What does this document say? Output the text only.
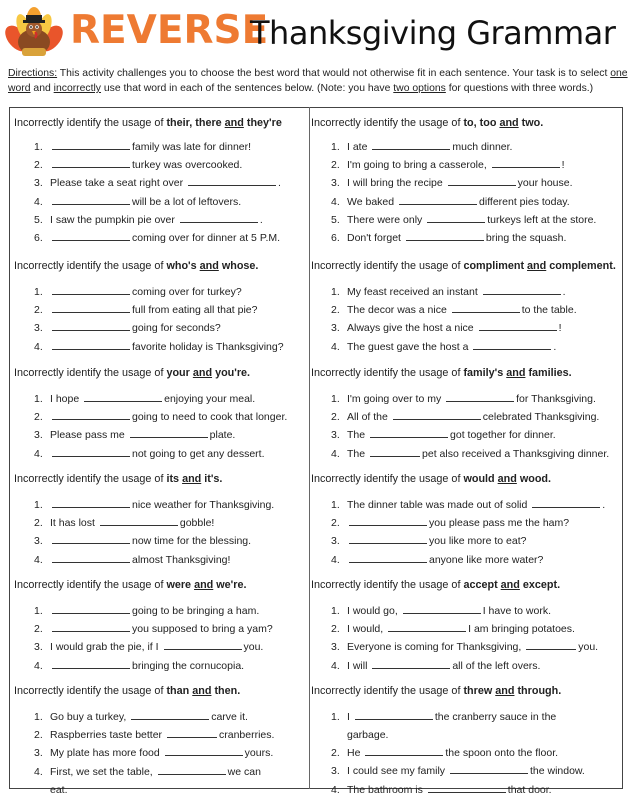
REVERSE
Thanksgiving Grammar
Directions: This activity challenges you to choose the best word that would not otherwise fit in each sentence. Your task is to select one word and incorrectly use that word in each of the sentences below. (Note: you have two options for questions with three words.)
Incorrectly identify the usage of their, there and they're
1.	family was late for dinner!
2.	turkey was overcooked.
3. Please take a seat right over	.
4.	will be a lot of leftovers.
5. I saw the pumpkin pie over	.
6.	coming over for dinner at 5 P.M.
Incorrectly identify the usage of who's and whose.
1.	coming over for turkey?
2.	full from eating all that pie?
3.	going for seconds?
4.	favorite holiday is Thanksgiving?
Incorrectly identify the usage of your and you're.
1. I hope	enjoying your meal.
2.	going to need to cook that longer.
3. Please pass me	plate.
4.	not going to get any dessert.
Incorrectly identify the usage of its and it's.
1.	nice weather for Thanksgiving.
2. It has lost	gobble!
3.	now time for the blessing.
4.	almost Thanksgiving!
Incorrectly identify the usage of were and we're.
1.	going to be bringing a ham.
2.	you supposed to bring a yam?
3. I would grab the pie, if I	you.
4.	bringing the cornucopia.
Incorrectly identify the usage of than and then.
1. Go buy a turkey,	carve it.
2. Raspberries taste better	cranberries.
3. My plate has more food	yours.
4. First, we set the table,	we can
eat.
Incorrectly identify the usage of to, too and two.
1. I ate	much dinner.
2. I'm going to bring a casserole,	!
3. I will bring the recipe	your house.
4. We baked	different pies today.
5. There were only	turkeys left at the store.
6. Don't forget	bring the squash.
Incorrectly identify the usage of compliment and complement.
1. My feast received an instant	.
2. The decor was a nice	to the table.
3. Always give the host a nice	!
4. The guest gave the host a	.
Incorrectly identify the usage of family's and families.
1. I'm going over to my	for Thanksgiving.
2. All of the	celebrated Thanksgiving.
3. The	got together for dinner.
4. The	pet also received a Thanksgiving dinner.
Incorrectly identify the usage of would and wood.
1. The dinner table was made out of solid	.
2.	you please pass me the ham?
3.	you like more to eat?
4.	anyone like more water?
Incorrectly identify the usage of accept and except.
1. I would go,	I have to work.
2. I would,	I am bringing potatoes.
3. Everyone is coming for Thanksgiving,	you.
4. I will	all of the left overs.
Incorrectly identify the usage of threw and through.
1. I	the cranberry sauce in the
garbage.
2. He	the spoon onto the floor.
3. I could see my family	the window.
4. The bathroom is	that door.
